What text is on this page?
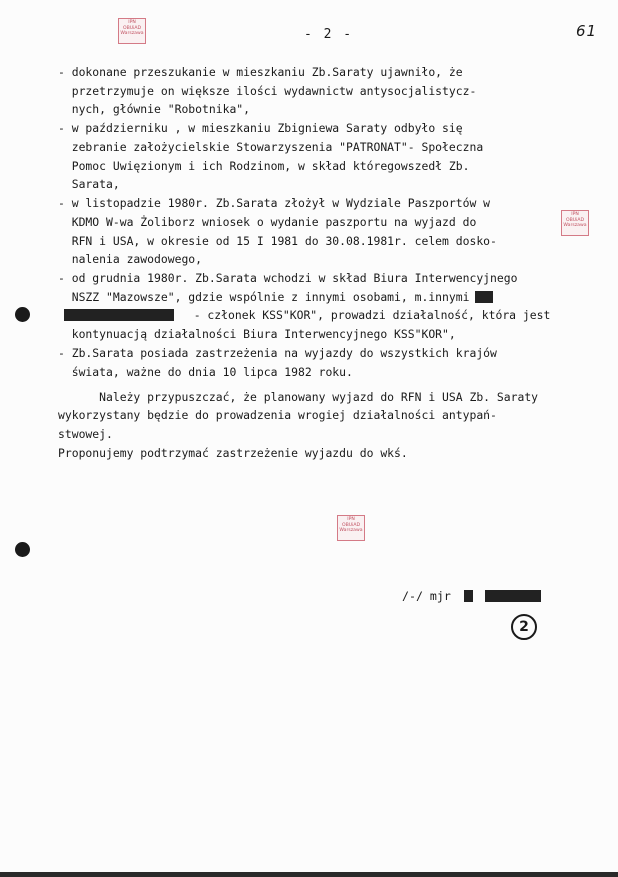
- 2 -	61
IPN
OBUiAD
Warszawa
IPN
OBUiAD
Warszawa
IPN
OBUiAD
Warszawa
- dokonane przeszukanie w mieszkaniu Zb.Saraty ujawniło, że
przetrzymuje on większe ilości wydawnictw antysocjalistycz-
nych, głównie "Robotnika",
- w październiku , w mieszkaniu Zbigniewa Saraty odbyło się
zebranie założycielskie Stowarzyszenia "PATRONAT"- Społeczna
Pomoc Uwięzionym i ich Rodzinom, w skład któregowszedł Zb.
Sarata,
- w listopadzie 1980r. Zb.Sarata złożył w Wydziale Paszportów w
KDMO W-wa Żoliborz wniosek o wydanie paszportu na wyjazd do
RFN i USA, w okresie od 15 I 1981 do 30.08.1981r. celem dosko-
nalenia zawodowego,
- od grudnia 1980r. Zb.Sarata wchodzi w skład Biura Interwencyjnego
NSZZ "Mazowsze", gdzie wspólnie z innymi osobami, m.innymi
- członek KSS"KOR", prowadzi działalność, która jest
kontynuacją działalności Biura Interwencyjnego KSS"KOR",
- Zb.Sarata posiada zastrzeżenia na wyjazdy do wszystkich krajów
świata, ważne do dnia 10 lipca 1982 roku.
Należy przypuszczać, że planowany wyjazd do RFN i USA Zb. Saraty
wykorzystany będzie do prowadzenia wrogiej działalności antypań-
stwowej.
Proponujemy podtrzymać zastrzeżenie wyjazdu do wkś.
/-/ mjr
2
